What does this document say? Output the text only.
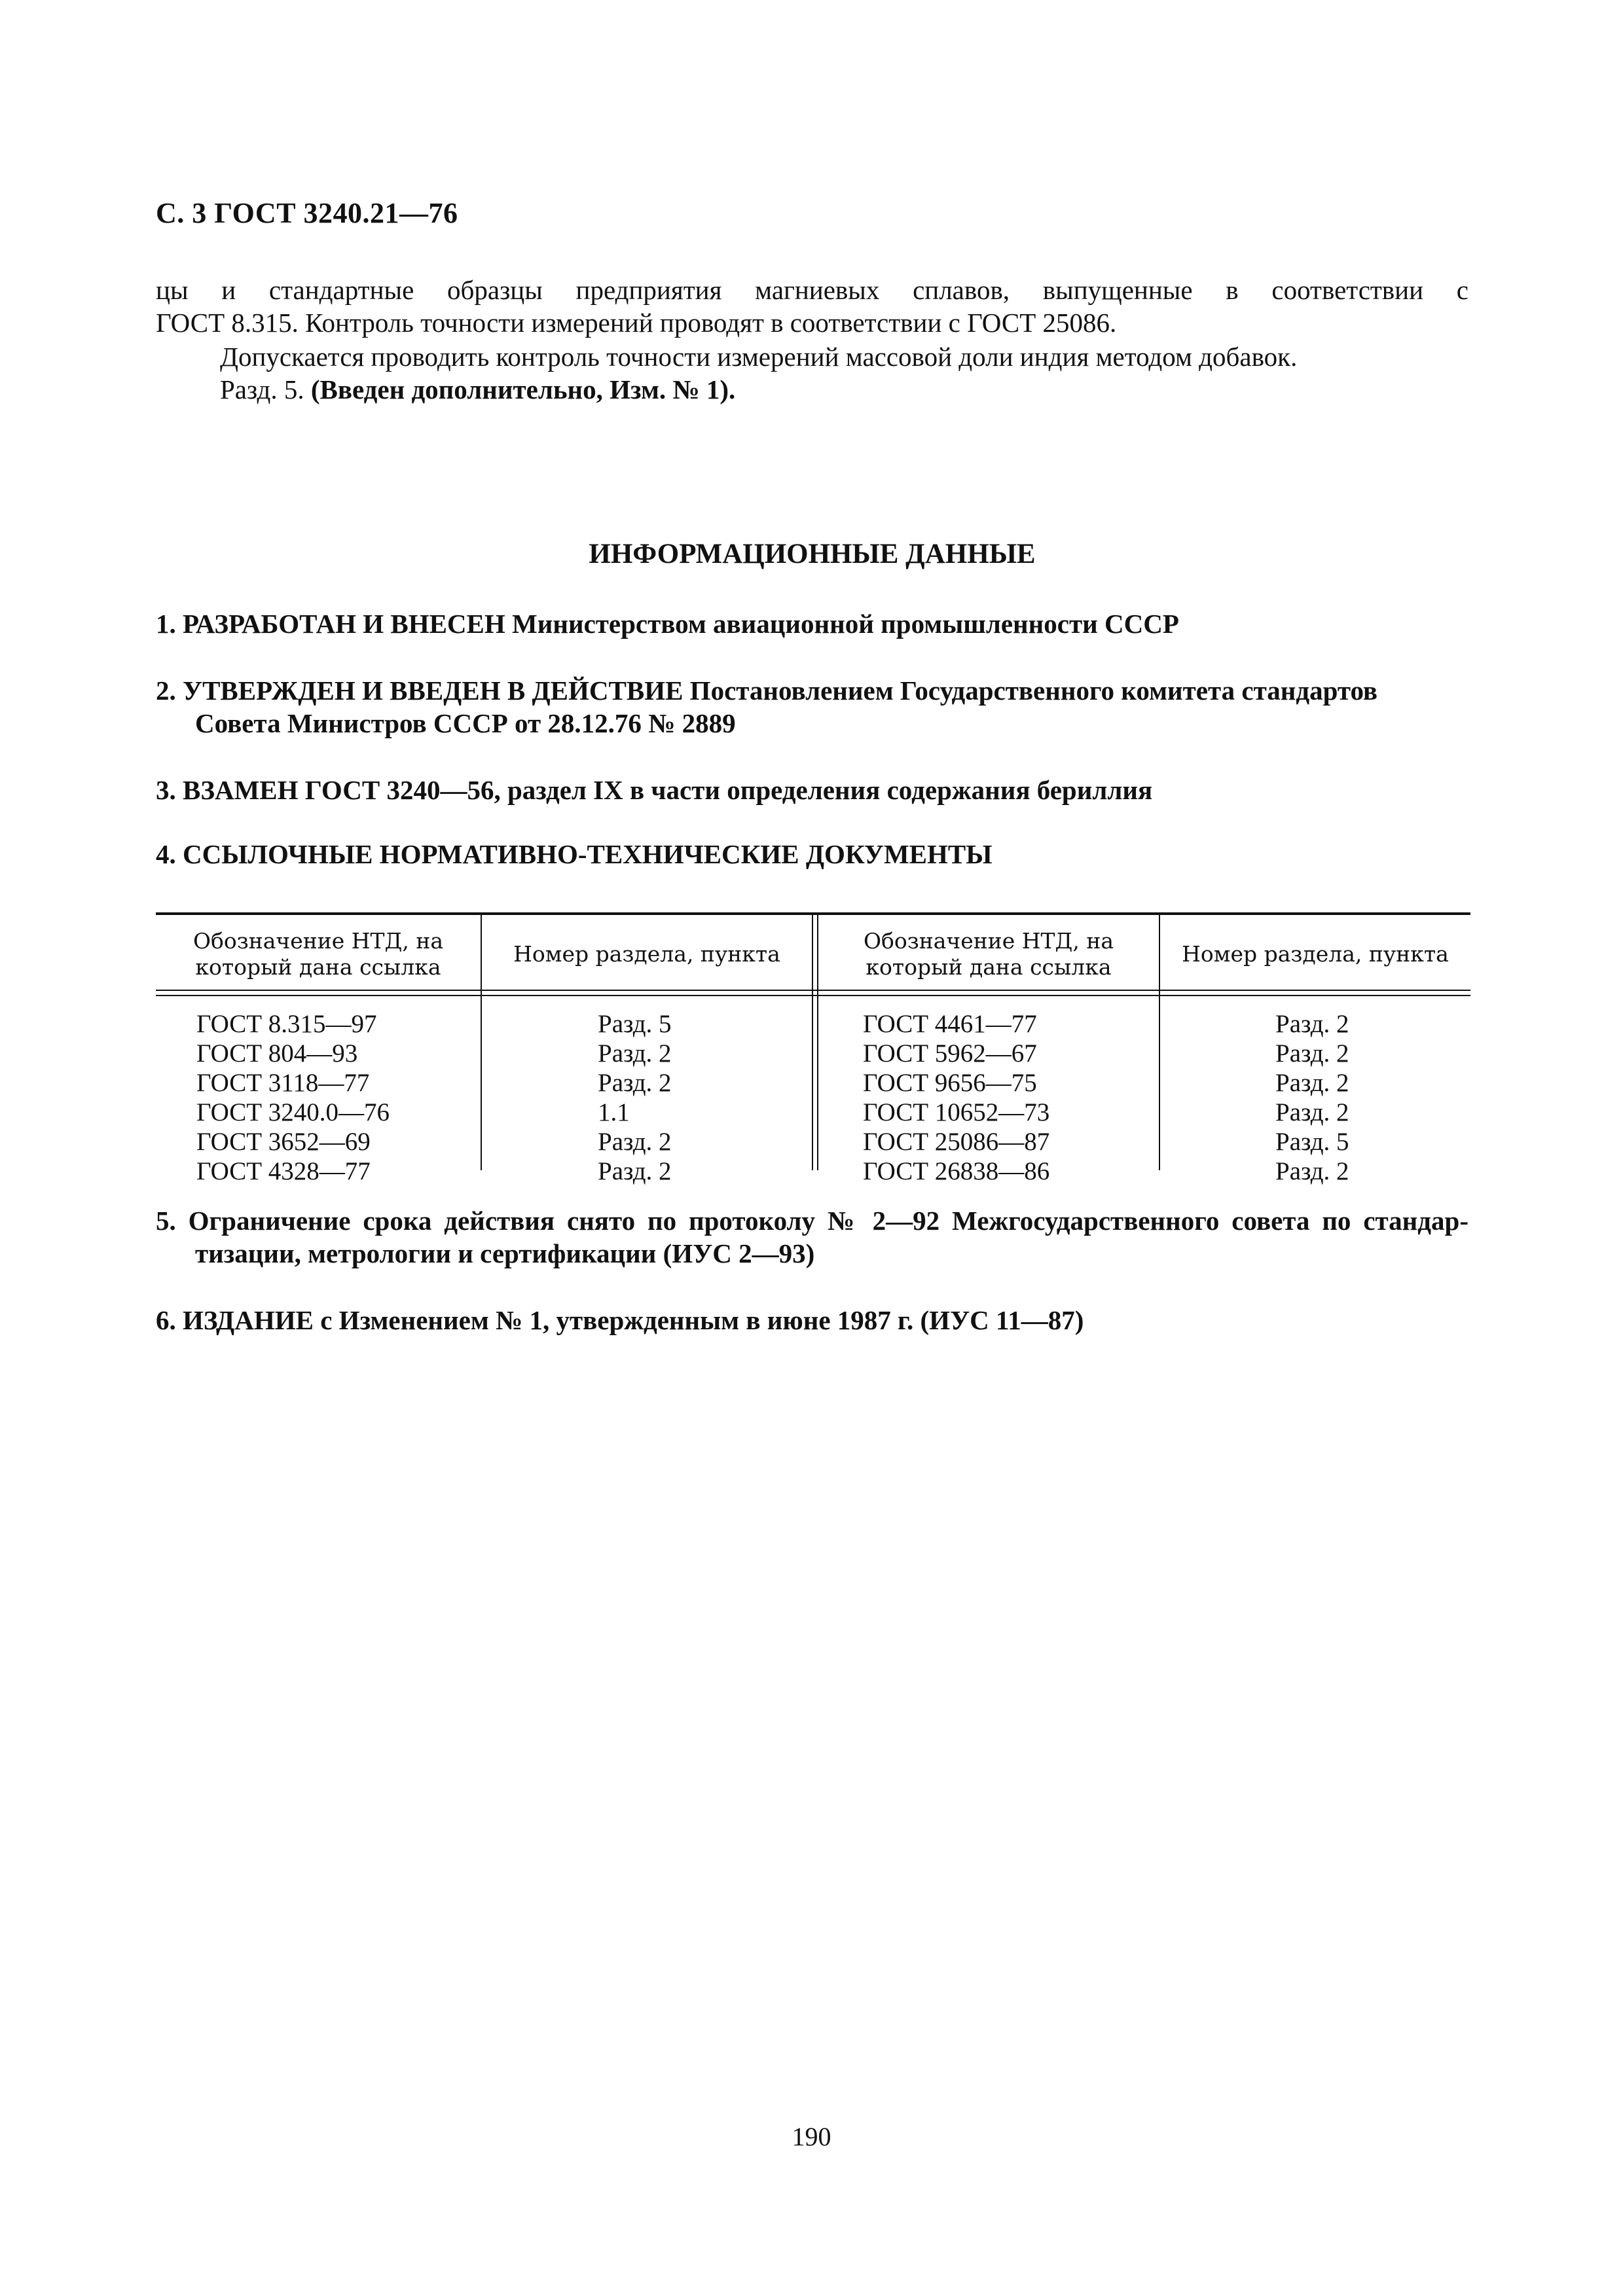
С. 3 ГОСТ 3240.21—76
цы и стандартные образцы предприятия магниевых сплавов, выпущенные в соответствии с
ГОСТ 8.315. Контроль точности измерений проводят в соответствии с ГОСТ 25086.
Допускается проводить контроль точности измерений массовой доли индия методом добавок.
Разд. 5. (Введен дополнительно, Изм. № 1).
ИНФОРМАЦИОННЫЕ ДАННЫЕ
1. РАЗРАБОТАН И ВНЕСЕН Министерством авиационной промышленности СССР
2. УТВЕРЖДЕН И ВВЕДЕН В ДЕЙСТВИЕ Постановлением Государственного комитета стандартов
Совета Министров СССР от 28.12.76 № 2889
3. ВЗАМЕН ГОСТ 3240—56, раздел IX в части определения содержания бериллия
4. ССЫЛОЧНЫЕ НОРМАТИВНО-ТЕХНИЧЕСКИЕ ДОКУМЕНТЫ
Обозначение НТД, на
который дана ссылка
Номер раздела, пункта
Обозначение НТД, на
который дана ссылка
Номер раздела, пункта
ГОСТ 8.315—97
ГОСТ 804—93
ГОСТ 3118—77
ГОСТ 3240.0—76
ГОСТ 3652—69
ГОСТ 4328—77
Разд. 5
Разд. 2
Разд. 2
1.1
Разд. 2
Разд. 2
ГОСТ 4461—77
ГОСТ 5962—67
ГОСТ 9656—75
ГОСТ 10652—73
ГОСТ 25086—87
ГОСТ 26838—86
Разд. 2
Разд. 2
Разд. 2
Разд. 2
Разд. 5
Разд. 2
5. Ограничение срока действия снято по протоколу № 2—92 Межгосударственного совета по стандар-
тизации, метрологии и сертификации (ИУС 2—93)
6. ИЗДАНИЕ с Изменением № 1, утвержденным в июне 1987 г. (ИУС 11—87)
190
